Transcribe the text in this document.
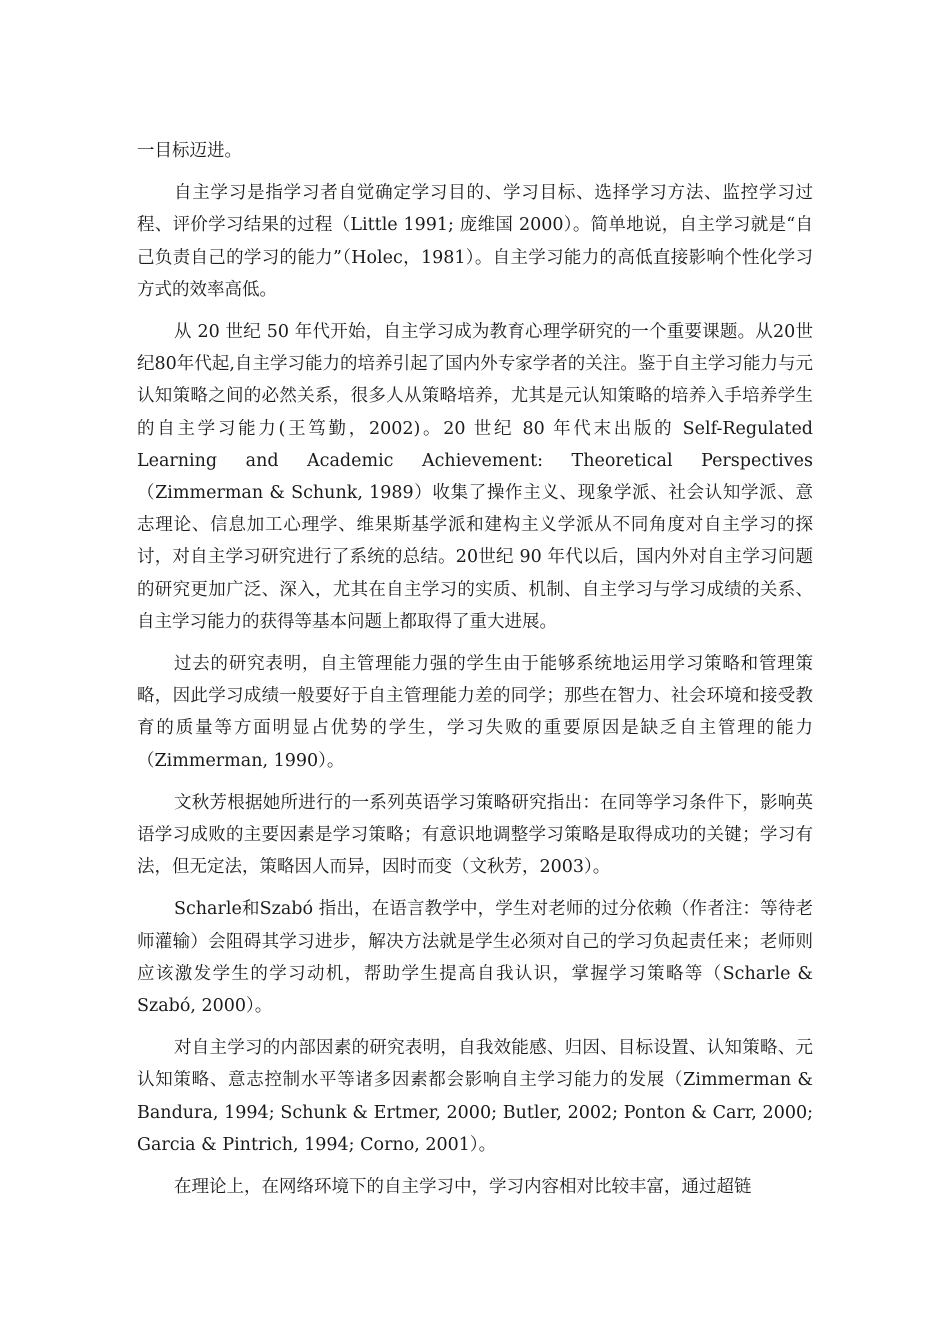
一目标迈进。

自主学习是指学习者自觉确定学习目的、学习目标、选择学习方法、监控学习过程、评价学习结果的过程（Little 1991; 庞维国 2000）。简单地说，自主学习就是“自己负责自己的学习的能力”（Holec，1981）。自主学习能力的高低直接影响个性化学习方式的效率高低。

从 20 世纪 50 年代开始，自主学习成为教育心理学研究的一个重要课题。从20世纪80年代起,自主学习能力的培养引起了国内外专家学者的关注。鉴于自主学习能力与元认知策略之间的必然关系，很多人从策略培养，尤其是元认知策略的培养入手培养学生的自主学习能力(王笃勤，2002)。20 世纪 80 年代末出版的 Self-Regulated Learning and Academic Achievement: Theoretical Perspectives（Zimmerman & Schunk, 1989）收集了操作主义、现象学派、社会认知学派、意志理论、信息加工心理学、维果斯基学派和建构主义学派从不同角度对自主学习的探讨，对自主学习研究进行了系统的总结。20世纪 90 年代以后，国内外对自主学习问题的研究更加广泛、深入，尤其在自主学习的实质、机制、自主学习与学习成绩的关系、自主学习能力的获得等基本问题上都取得了重大进展。

过去的研究表明，自主管理能力强的学生由于能够系统地运用学习策略和管理策略，因此学习成绩一般要好于自主管理能力差的同学；那些在智力、社会环境和接受教育的质量等方面明显占优势的学生，学习失败的重要原因是缺乏自主管理的能力（Zimmerman, 1990）。

文秋芳根据她所进行的一系列英语学习策略研究指出：在同等学习条件下，影响英语学习成败的主要因素是学习策略；有意识地调整学习策略是取得成功的关键；学习有法，但无定法，策略因人而异，因时而变（文秋芳，2003）。

Scharle和Szabó 指出，在语言教学中，学生对老师的过分依赖（作者注：等待老师灌输）会阻碍其学习进步，解决方法就是学生必须对自己的学习负起责任来；老师则应该激发学生的学习动机，帮助学生提高自我认识，掌握学习策略等（Scharle & Szabó, 2000）。

对自主学习的内部因素的研究表明，自我效能感、归因、目标设置、认知策略、元认知策略、意志控制水平等诸多因素都会影响自主学习能力的发展（Zimmerman & Bandura, 1994; Schunk & Ertmer, 2000; Butler, 2002; Ponton & Carr, 2000; Garcia & Pintrich, 1994; Corno, 2001）。

在理论上，在网络环境下的自主学习中，学习内容相对比较丰富，通过超链
